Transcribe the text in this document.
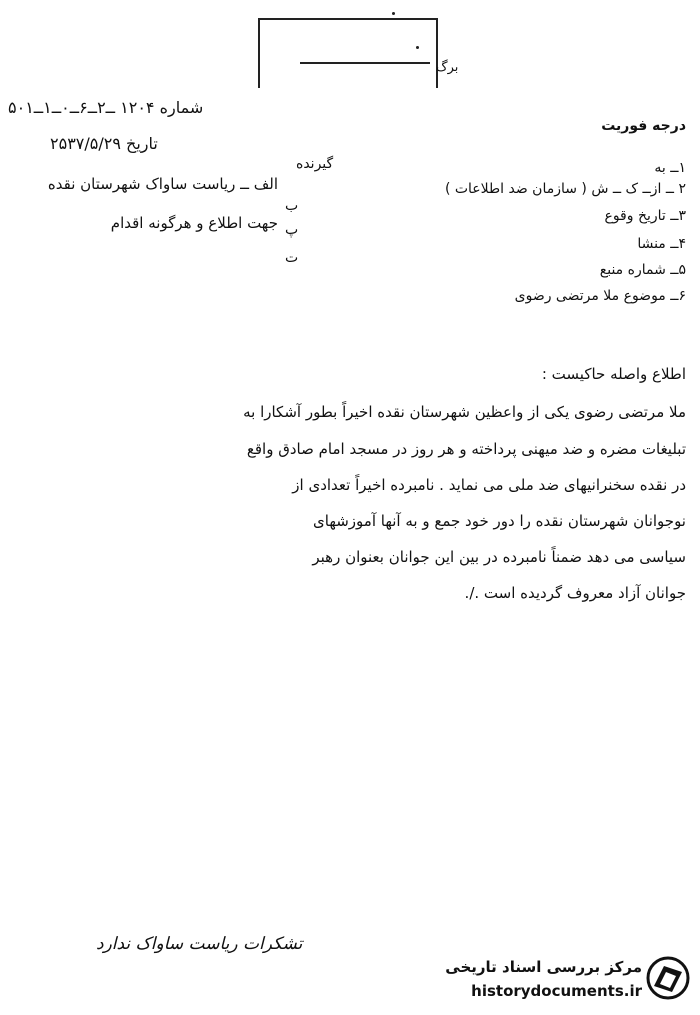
برگ
شماره ۱۲۰۴ ــ۲ــ۶ــ۰ــ۱ــ۵۰۱
تاریخ ۲۵۳۷/۵/۲۹
درجه فوریت
۱ــ به
۲ ــ ازــ ک ــ ش ( سازمان ضد اطلاعات )
۳ــ تاریخ وقوع
۴ــ منشا
۵ــ شماره منبع
۶ــ موضوع ملا مرتضی رضوی
گیرنده
الف ــ ریاست ساواک شهرستان نقده
ب
جهت اطلاع و هرگونه اقدام پ
ت
اطلاع واصله حاکیست :
ملا مرتضی رضوی یکی از واعظین شهرستان نقده اخیراً بطور آشکارا به
تبلیغات مضره و ضد میهنی پرداخته و هر روز در مسجد امام صادق واقع
در نقده سخنرانیهای ضد ملی می نماید . نامبرده اخیراً تعدادی از
نوجوانان شهرستان نقده را دور خود جمع و به آنها آموزشهای
سیاسی می دهد ضمناً نامبرده در بین این جوانان بعنوان رهبر
جوانان آزاد معروف گردیده است ./.
تشکرات ریاست ساواک ندارد
مرکز بررسی اسناد تاریخی
historydocuments.ir
